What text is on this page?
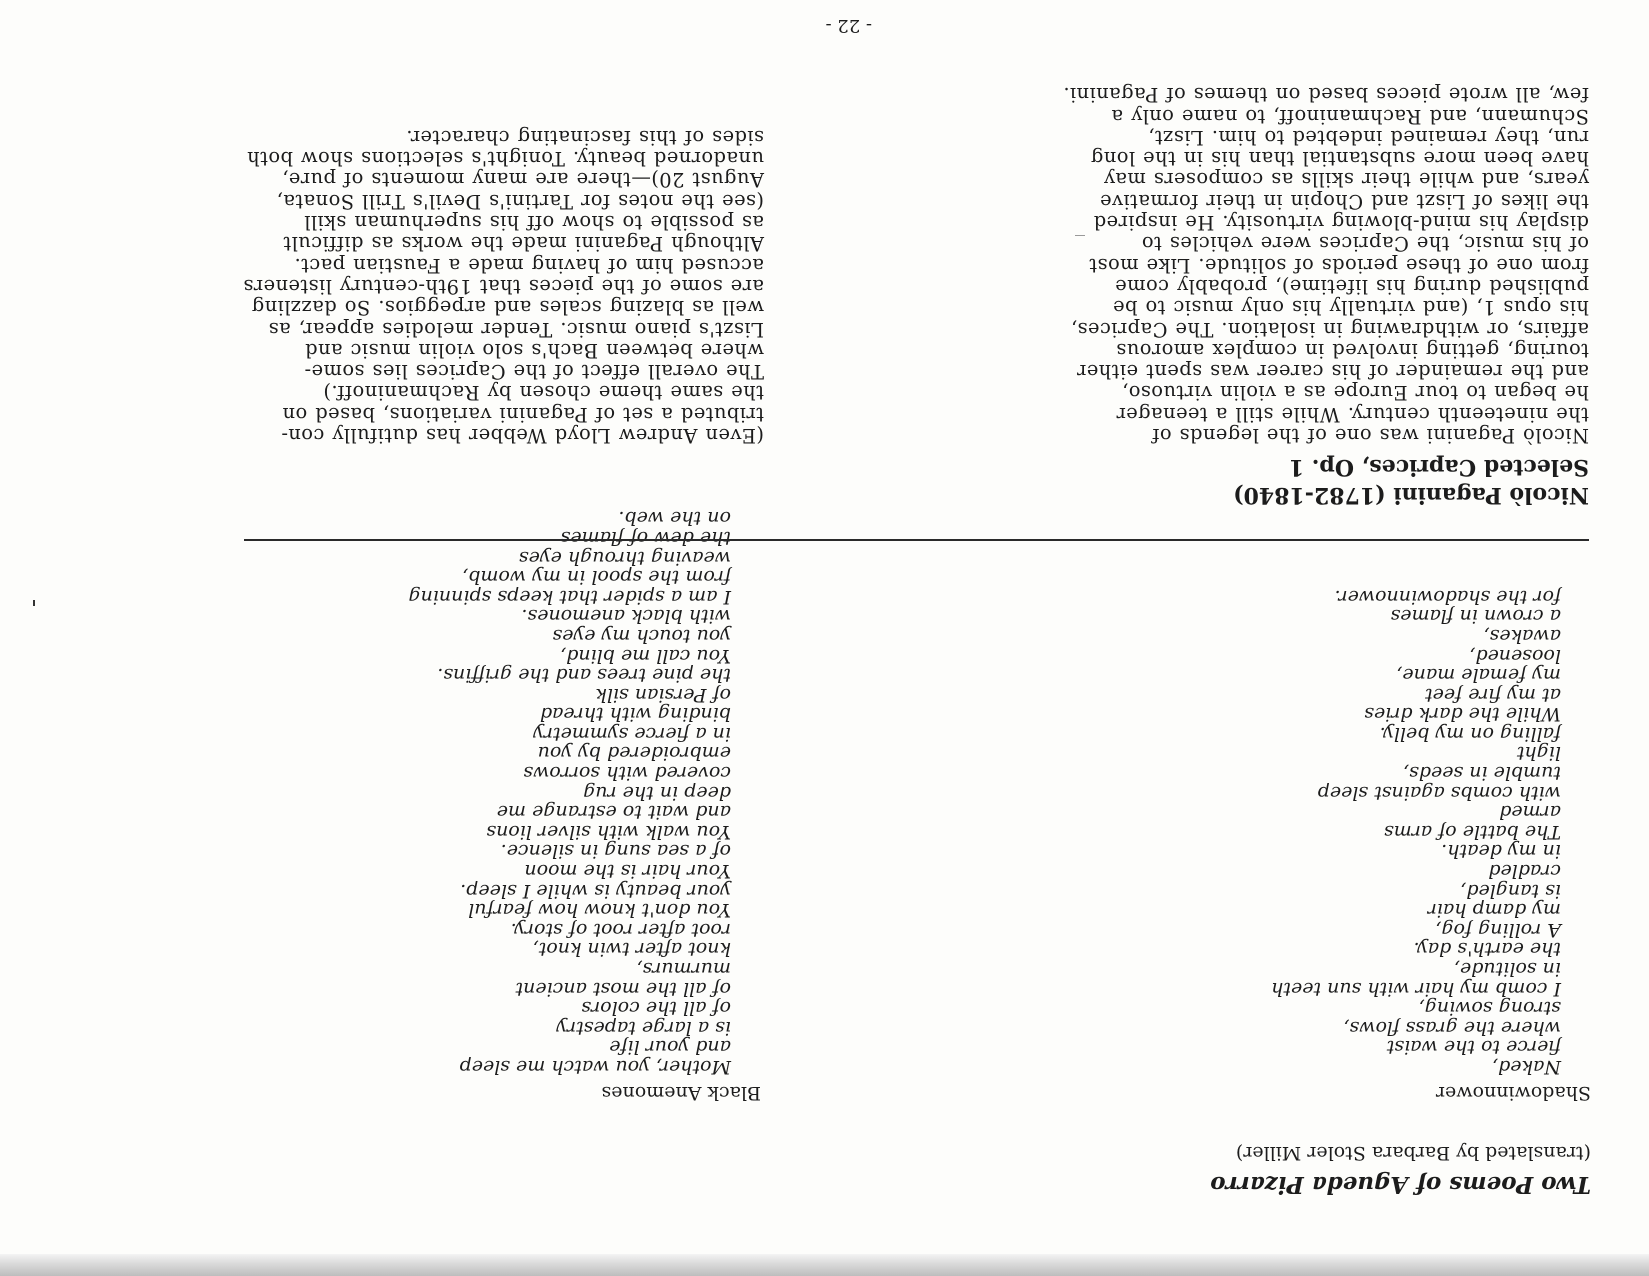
Two Poems of Agueda Pizarro
(translated by Barbara Stoler Miller)
Shadowinnower
Naked,
fierce to the waist
where the grass flows,
strong sowing,
I comb my hair with sun teeth
in solitude,
the earth's day.
A rolling fog,
my damp hair
is tangled,
cradled
in my death.
The battle of arms
armed
with combs against sleep
tumble in seeds,
light
falling on my belly.
While the dark dries
at my fire feet
my female mane,
loosened,
awakes,
a crown in flames
for the shadowinnower.
Black Anemones
Mother, you watch me sleep
and your life
is a large tapestry
of all the colors
of all the most ancient
murmurs,
knot after twin knot,
root after root of story.
You don't know how fearful
your beauty is while I sleep.
Your hair is the moon
of a sea sung in silence.
You walk with silver lions
and wait to estrange me
deep in the rug
covered with sorrows
embroidered by you
in a fierce symmetry
binding with thread
of Persian silk
the pine trees and the griffins.
You call me blind,
you touch my eyes
with black anemones.
I am a spider that keeps spinning
from the spool in my womb,
weaving through eyes
the dew of flames
on the web.
Nicolò Paganini (1782-1840)
Selected Caprices, Op. 1
Nicolò Paganini was one of the legends of
the nineteenth century. While still a teenager
he began to tour Europe as a violin virtuoso,
and the remainder of his career was spent either
touring, getting involved in complex amorous
affairs, or withdrawing in isolation. The Caprices,
his opus 1, (and virtually his only music to be
published during his lifetime), probably come
from one of these periods of solitude. Like most
of his music, the Caprices were vehicles to
display his mind-blowing virtuosity. He inspired
the likes of Liszt and Chopin in their formative
years, and while their skills as composers may
have been more substantial than his in the long
run, they remained indebted to him. Liszt,
Schumann, and Rachmaninoff, to name only a
few, all wrote pieces based on themes of Paganini.
(Even Andrew Lloyd Webber has dutifully con-
tributed a set of Paganini variations, based on
the same theme chosen by Rachmaninoff.)
The overall effect of the Caprices lies some-
where between Bach's solo violin music and
Liszt's piano music. Tender melodies appear, as
well as blazing scales and arpeggios. So dazzling
are some of the pieces that 19th-century listeners
accused him of having made a Faustian pact.
Although Paganini made the works as difficult
as possible to show off his superhuman skill
(see the notes for Tartini's Devil's Trill Sonata,
August 20)—there are many moments of pure,
unadorned beauty. Tonight's selections show both
sides of this fascinating character.
- 22 -
